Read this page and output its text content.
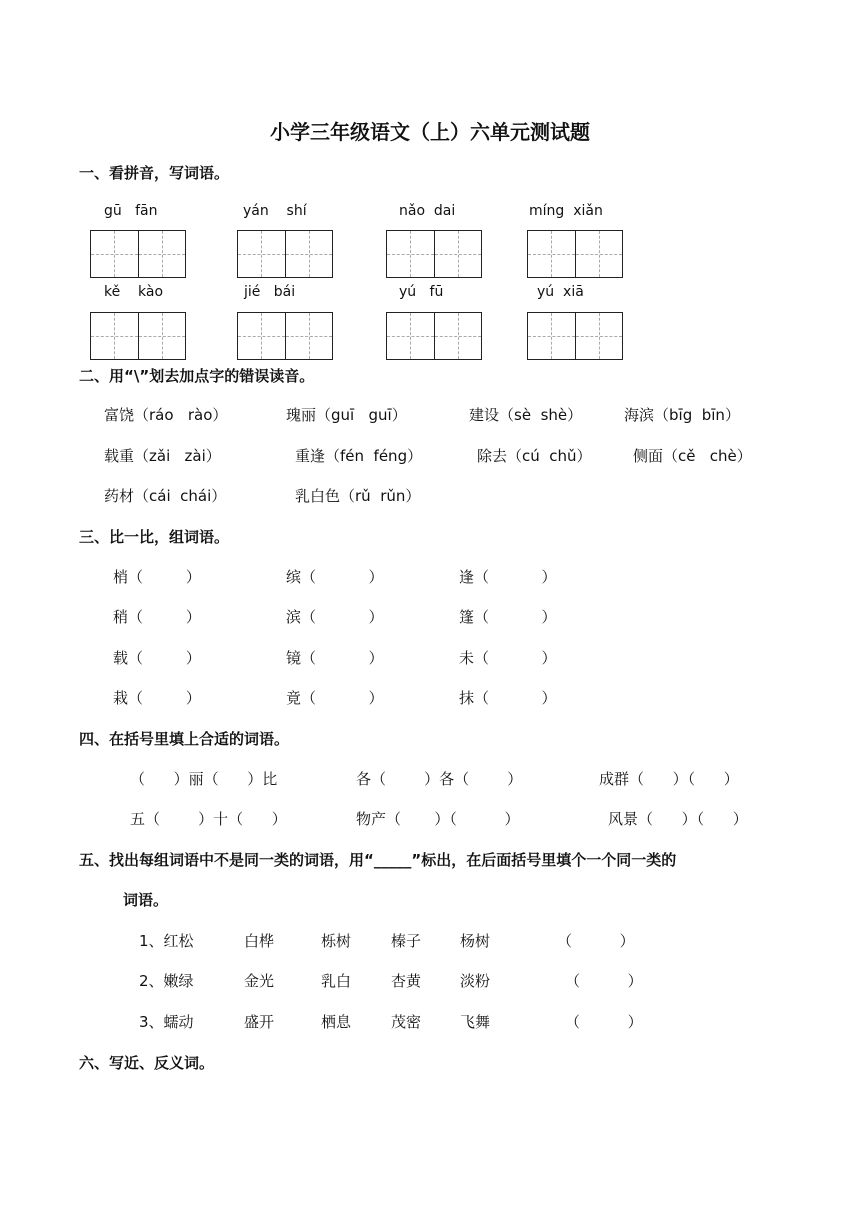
小学三年级语文（上）六单元测试题
一、看拼音，写词语。
gū   fān	yán    shí	nǎo  dai	míng  xiǎn
kě    kào	jié   bái	yú   fū	yú  xiā
二、用“\”划去加点字的错误读音。
富饶（ráo   rào）	瑰丽（guī   guī）	建设（sè  shè）	海滨（bīg  bīn）
载重（zǎi   zài）	重逢（fén  féng）	除去（cú  chǔ）	侧面（cě   chè）
药材（cái  chái）	乳白色（rǔ  rǔn）
三、比一比，组词语。
梢（         ）	缤（           ）	逢（           ）
稍（         ）	滨（           ）	篷（           ）
载（         ）	镜（           ）	未（           ）
栽（         ）	竟（           ）	抹（           ）
四、在括号里填上合适的词语。
（      ）丽（      ）比	各（        ）各（        ）	成群（      ）（      ）
五（        ）十（      ）	物产（       ）（          ）	风景（      ）（      ）
五、找出每组词语中不是同一类的词语，用“_____”标出，在后面括号里填个一个同一类的
词语。
1、红松	白桦	栎树	榛子	杨树	（          ）
2、嫩绿	金光	乳白	杏黄	淡粉	（          ）
3、蠕动	盛开	栖息	茂密	飞舞	（          ）
六、写近、反义词。
